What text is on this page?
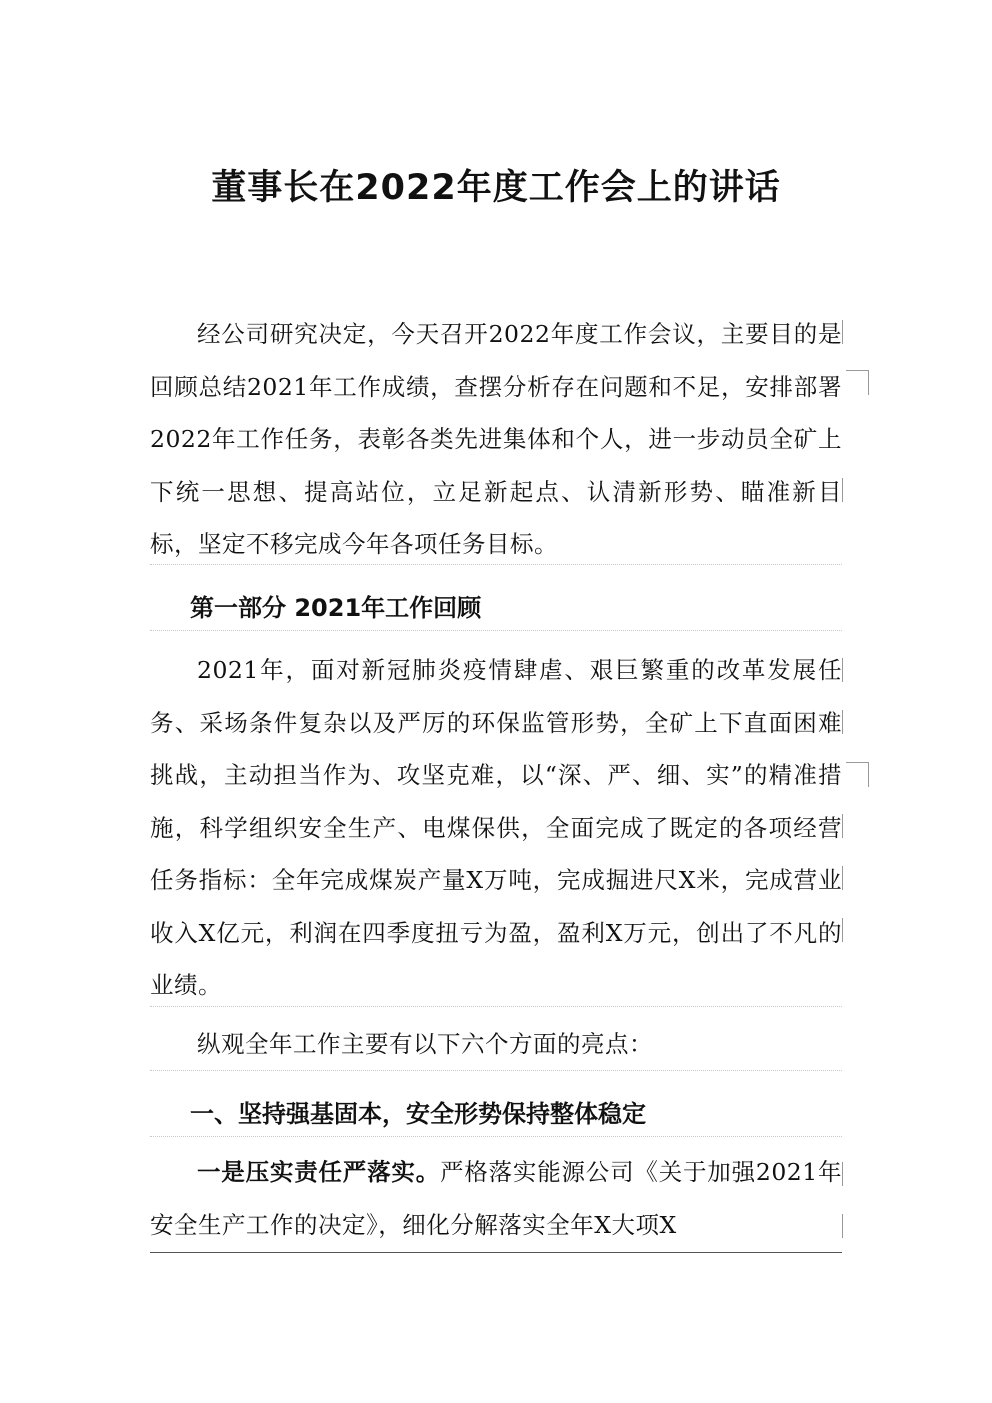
董事长在2022年度工作会上的讲话

经公司研究决定，今天召开2022年度工作会议，主要目的是回顾总结2021年工作成绩，查摆分析存在问题和不足，安排部署2022年工作任务，表彰各类先进集体和个人，进一步动员全矿上下统一思想、提高站位，立足新起点、认清新形势、瞄准新目标，坚定不移完成今年各项任务目标。

第一部分 2021年工作回顾

2021年，面对新冠肺炎疫情肆虐、艰巨繁重的改革发展任务、采场条件复杂以及严厉的环保监管形势，全矿上下直面困难挑战，主动担当作为、攻坚克难，以“深、严、细、实”的精准措施，科学组织安全生产、电煤保供，全面完成了既定的各项经营任务指标：全年完成煤炭产量X万吨，完成掘进尺X米，完成营业收入X亿元，利润在四季度扭亏为盈，盈利X万元，创出了不凡的业绩。

纵观全年工作主要有以下六个方面的亮点：

一、坚持强基固本，安全形势保持整体稳定

一是压实责任严落实。严格落实能源公司《关于加强2021年安全生产工作的决定》，细化分解落实全年X大项X
